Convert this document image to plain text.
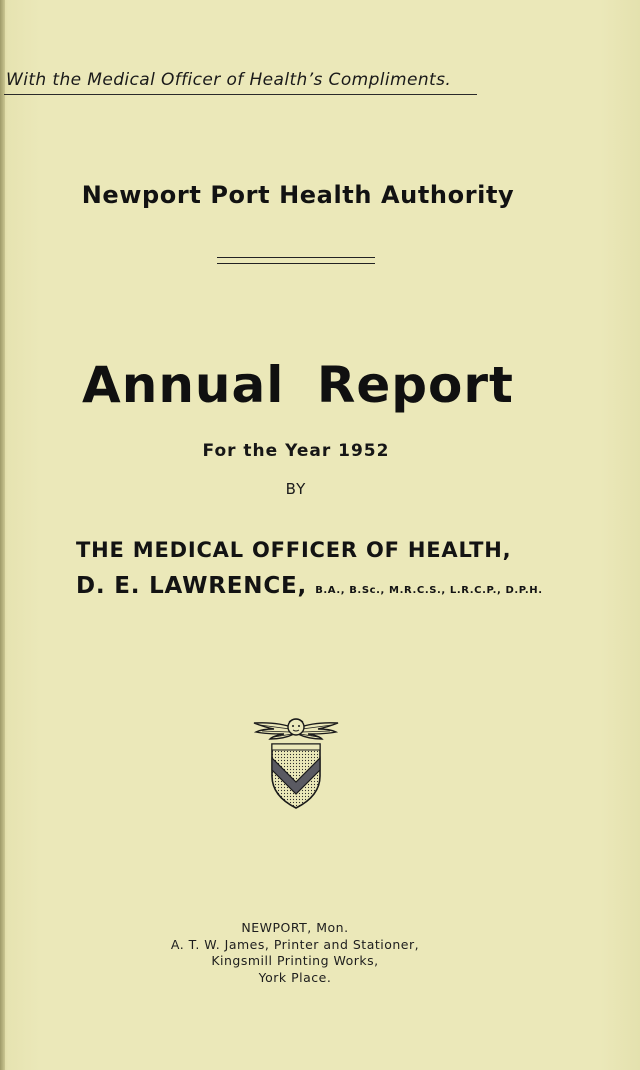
With the Medical Officer of Health’s Compliments.
Newport Port Health Authority
Annual Report
For the Year 1952
BY
THE MEDICAL OFFICER OF HEALTH,
D. E. LAWRENCE, B.A., B.Sc., M.R.C.S., L.R.C.P., D.P.H.
NEWPORT, Mon.
A. T. W. James, Printer and Stationer,
Kingsmill Printing Works,
York Place.
